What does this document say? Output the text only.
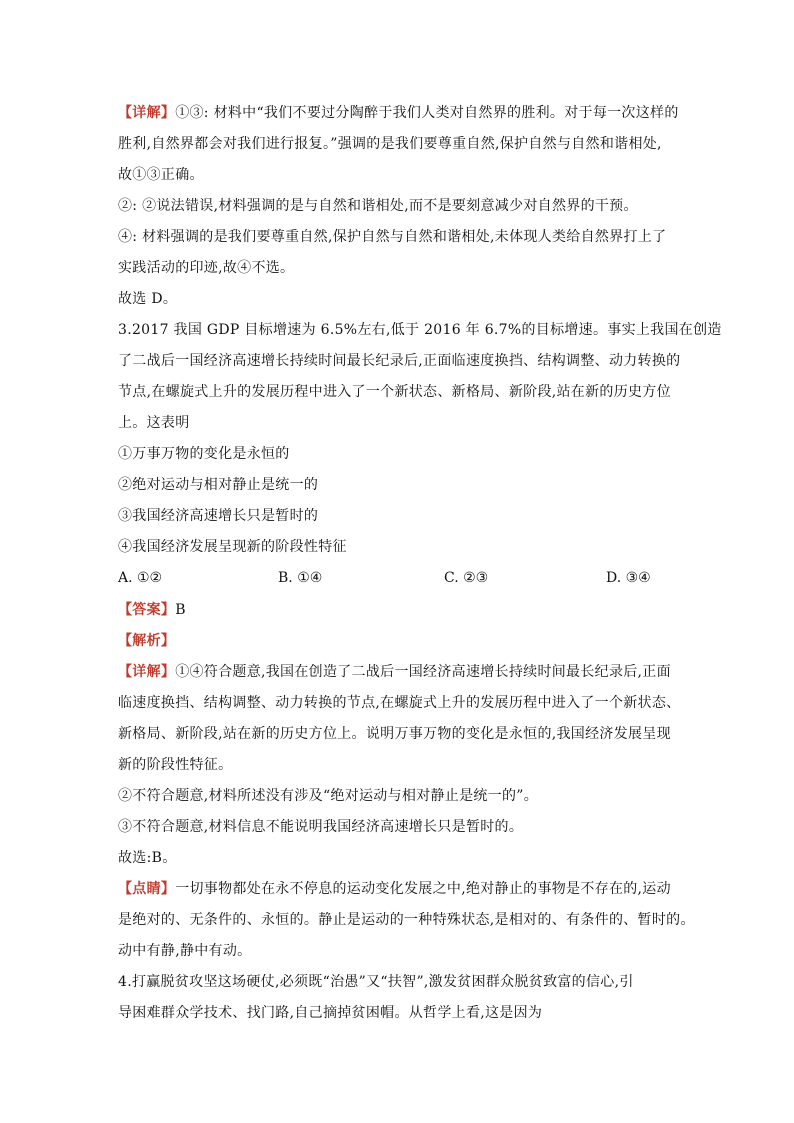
【详解】①③: 材料中“我们不要过分陶醉于我们人类对自然界的胜利。对于每一次这样的
胜利,自然界都会对我们进行报复。”强调的是我们要尊重自然,保护自然与自然和谐相处,
故①③正确。
②: ②说法错误,材料强调的是与自然和谐相处,而不是要刻意减少对自然界的干预。
④: 材料强调的是我们要尊重自然,保护自然与自然和谐相处,未体现人类给自然界打上了
实践活动的印迹,故④不选。
故选 D。
3.2017 我国 GDP 目标增速为 6.5%左右,低于 2016 年 6.7%的目标增速。事实上我国在创造
了二战后一国经济高速增长持续时间最长纪录后,正面临速度换挡、结构调整、动力转换的
节点,在螺旋式上升的发展历程中进入了一个新状态、新格局、新阶段,站在新的历史方位
上。这表明
①万事万物的变化是永恒的
②绝对运动与相对静止是统一的
③我国经济高速增长只是暂时的
④我国经济发展呈现新的阶段性特征
A. ①②	B. ①④	C. ②③	D. ③④
【答案】B
【解析】
【详解】①④符合题意,我国在创造了二战后一国经济高速增长持续时间最长纪录后,正面
临速度换挡、结构调整、动力转换的节点,在螺旋式上升的发展历程中进入了一个新状态、
新格局、新阶段,站在新的历史方位上。说明万事万物的变化是永恒的,我国经济发展呈现
新的阶段性特征。
②不符合题意,材料所述没有涉及“绝对运动与相对静止是统一的”。
③不符合题意,材料信息不能说明我国经济高速增长只是暂时的。
故选:B。
【点睛】一切事物都处在永不停息的运动变化发展之中,绝对静止的事物是不存在的,运动
是绝对的、无条件的、永恒的。静止是运动的一种特殊状态,是相对的、有条件的、暂时的。
动中有静,静中有动。
4.打赢脱贫攻坚这场硬仗,必须既“治愚”又“扶智”,激发贫困群众脱贫致富的信心,引
导困难群众学技术、找门路,自己摘掉贫困帽。从哲学上看,这是因为
